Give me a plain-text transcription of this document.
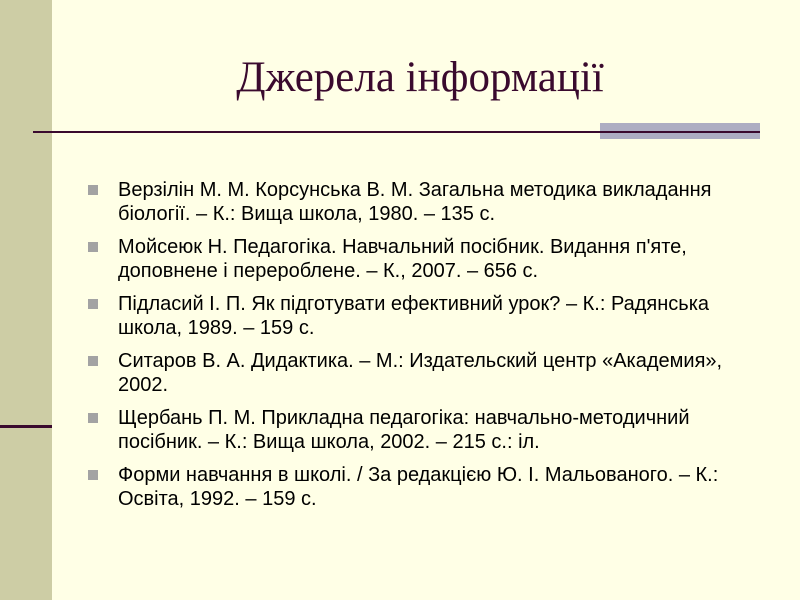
Джерела інформації
Верзілін М. М. Корсунська В. М. Загальна методика викладання біології. – К.: Вища школа, 1980. – 135 с.
Мойсеюк Н. Педагогіка. Навчальний посібник. Видання п'яте, доповнене і перероблене. – К., 2007. – 656 с.
Підласий І. П. Як підготувати ефективний урок? – К.: Радянська школа, 1989. – 159 с.
Ситаров В. А. Дидактика. – М.: Издательский центр «Академия», 2002.
Щербань П. М. Прикладна педагогіка: навчально-методичний посібник. – К.: Вища школа, 2002. – 215 с.: іл.
Форми навчання в школі. / За редакцією Ю. І. Мальованого. – К.: Освіта, 1992. – 159 с.
